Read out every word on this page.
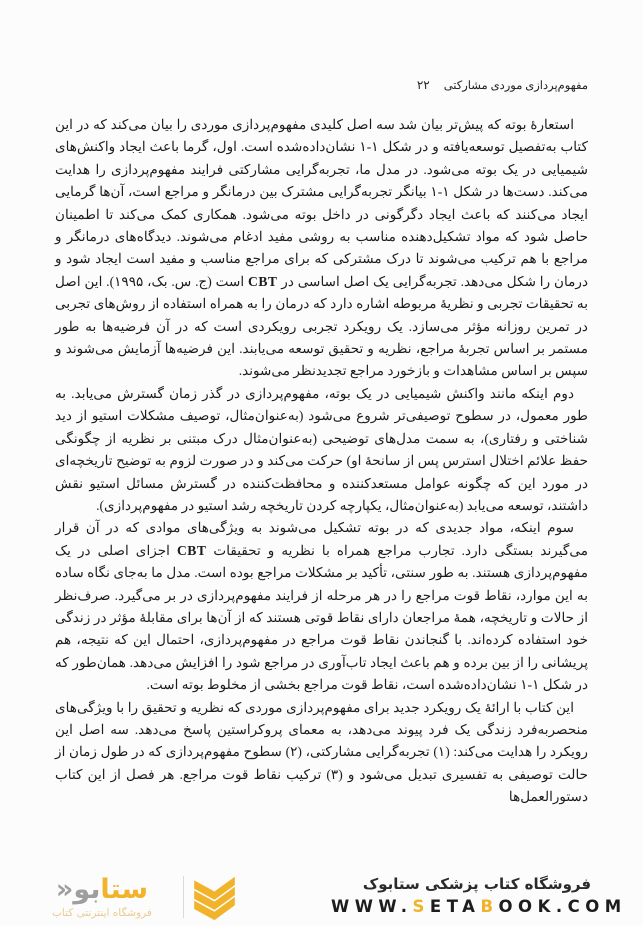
مفهوم‌پردازی موردی مشارکتی
۲۲

استعارهٔ بوته که پیش‌تر بیان شد سه اصل کلیدی مفهوم‌پردازی موردی را بیان می‌کند که در این کتاب به‌تفصیل توسعه‌یافته و در شکل ۱-۱ نشان‌داده‌شده است. اول، گرما باعث ایجاد واکنش‌های شیمیایی در یک بوته می‌شود. در مدل ما، تجربه‌گرایی مشارکتی فرایند مفهوم‌پردازی را هدایت می‌کند. دست‌ها در شکل ۱-۱ بیانگر تجربه‌گرایی مشترک بین درمانگر و مراجع است، آن‌ها گرمایی ایجاد می‌کنند که باعث ایجاد دگرگونی در داخل بوته می‌شود. همکاری کمک می‌کند تا اطمینان حاصل شود که مواد تشکیل‌دهنده مناسب به روشی مفید ادغام می‌شوند. دیدگاه‌های درمانگر و مراجع با هم ترکیب می‌شوند تا درک مشترکی که برای مراجع مناسب و مفید است ایجاد شود و درمان را شکل می‌دهد. تجربه‌گرایی یک اصل اساسی در CBT است (ج. س. بک، ۱۹۹۵). این اصل به تحقیقات تجربی و نظریهٔ مربوطه اشاره دارد که درمان را به همراه استفاده از روش‌های تجربی در تمرین روزانه مؤثر می‌سازد. یک رویکرد تجربی رویکردی است که در آن فرضیه‌ها به طور مستمر بر اساس تجربهٔ مراجع، نظریه و تحقیق توسعه می‌یابند. این فرضیه‌ها آزمایش می‌شوند و سپس بر اساس مشاهدات و بازخورد مراجع تجدیدنظر می‌شوند.

دوم اینکه مانند واکنش شیمیایی در یک بوته، مفهوم‌پردازی در گذر زمان گسترش می‌یابد. به طور معمول، در سطوح توصیفی‌تر شروع می‌شود (به‌عنوان‌مثال، توصیف مشکلات استیو از دید شناختی و رفتاری)، به سمت مدل‌های توضیحی (به‌عنوان‌مثال درک مبتنی بر نظریه از چگونگی حفظ علائم اختلال استرس پس از سانحهٔ او) حرکت می‌کند و در صورت لزوم به توضیح تاریخچه‌ای در مورد این که چگونه عوامل مستعدکننده و محافظت‌کننده در گسترش مسائل استیو نقش داشتند، توسعه می‌یابد (به‌عنوان‌مثال، یکپارچه کردن تاریخچه رشد استیو در مفهوم‌پردازی).

سوم اینکه، مواد جدیدی که در بوته تشکیل می‌شوند به ویژگی‌های موادی که در آن قرار می‌گیرند بستگی دارد. تجارب مراجع همراه با نظریه و تحقیقات CBT اجزای اصلی در یک مفهوم‌پردازی هستند. به طور سنتی، تأکید بر مشکلات مراجع بوده است. مدل ما به‌جای نگاه ساده به این موارد، نقاط قوت مراجع را در هر مرحله از فرایند مفهوم‌پردازی در بر می‌گیرد. صرف‌نظر از حالات و تاریخچه، همهٔ مراجعان دارای نقاط قوتی هستند که از آن‌ها برای مقابلهٔ مؤثر در زندگی خود استفاده کرده‌اند. با گنجاندن نقاط قوت مراجع در مفهوم‌پردازی، احتمال این که نتیجه، هم پریشانی را از بین برده و هم باعث ایجاد تاب‌آوری در مراجع شود را افزایش می‌دهد. همان‌طور که در شکل ۱-۱ نشان‌داده‌شده است، نقاط قوت مراجع بخشی از مخلوط بوته است.

این کتاب با ارائهٔ یک رویکرد جدید برای مفهوم‌پردازی موردی که نظریه و تحقیق را با ویژگی‌های منحصربه‌فرد زندگی یک فرد پیوند می‌دهد، به معمای پروکراستین پاسخ می‌دهد. سه اصل این رویکرد را هدایت می‌کند: (۱) تجربه‌گرایی مشارکتی، (۲) سطوح مفهوم‌پردازی که در طول زمان از حالت توصیفی به تفسیری تبدیل می‌شود و (۳) ترکیب نقاط قوت مراجع. هر فصل از این کتاب دستورالعمل‌ها

ستابو«
فروشگاه اینترنتی کتاب
فروشگاه کتاب پزشکی ستابوک
WWW.SETABOOK.COM
